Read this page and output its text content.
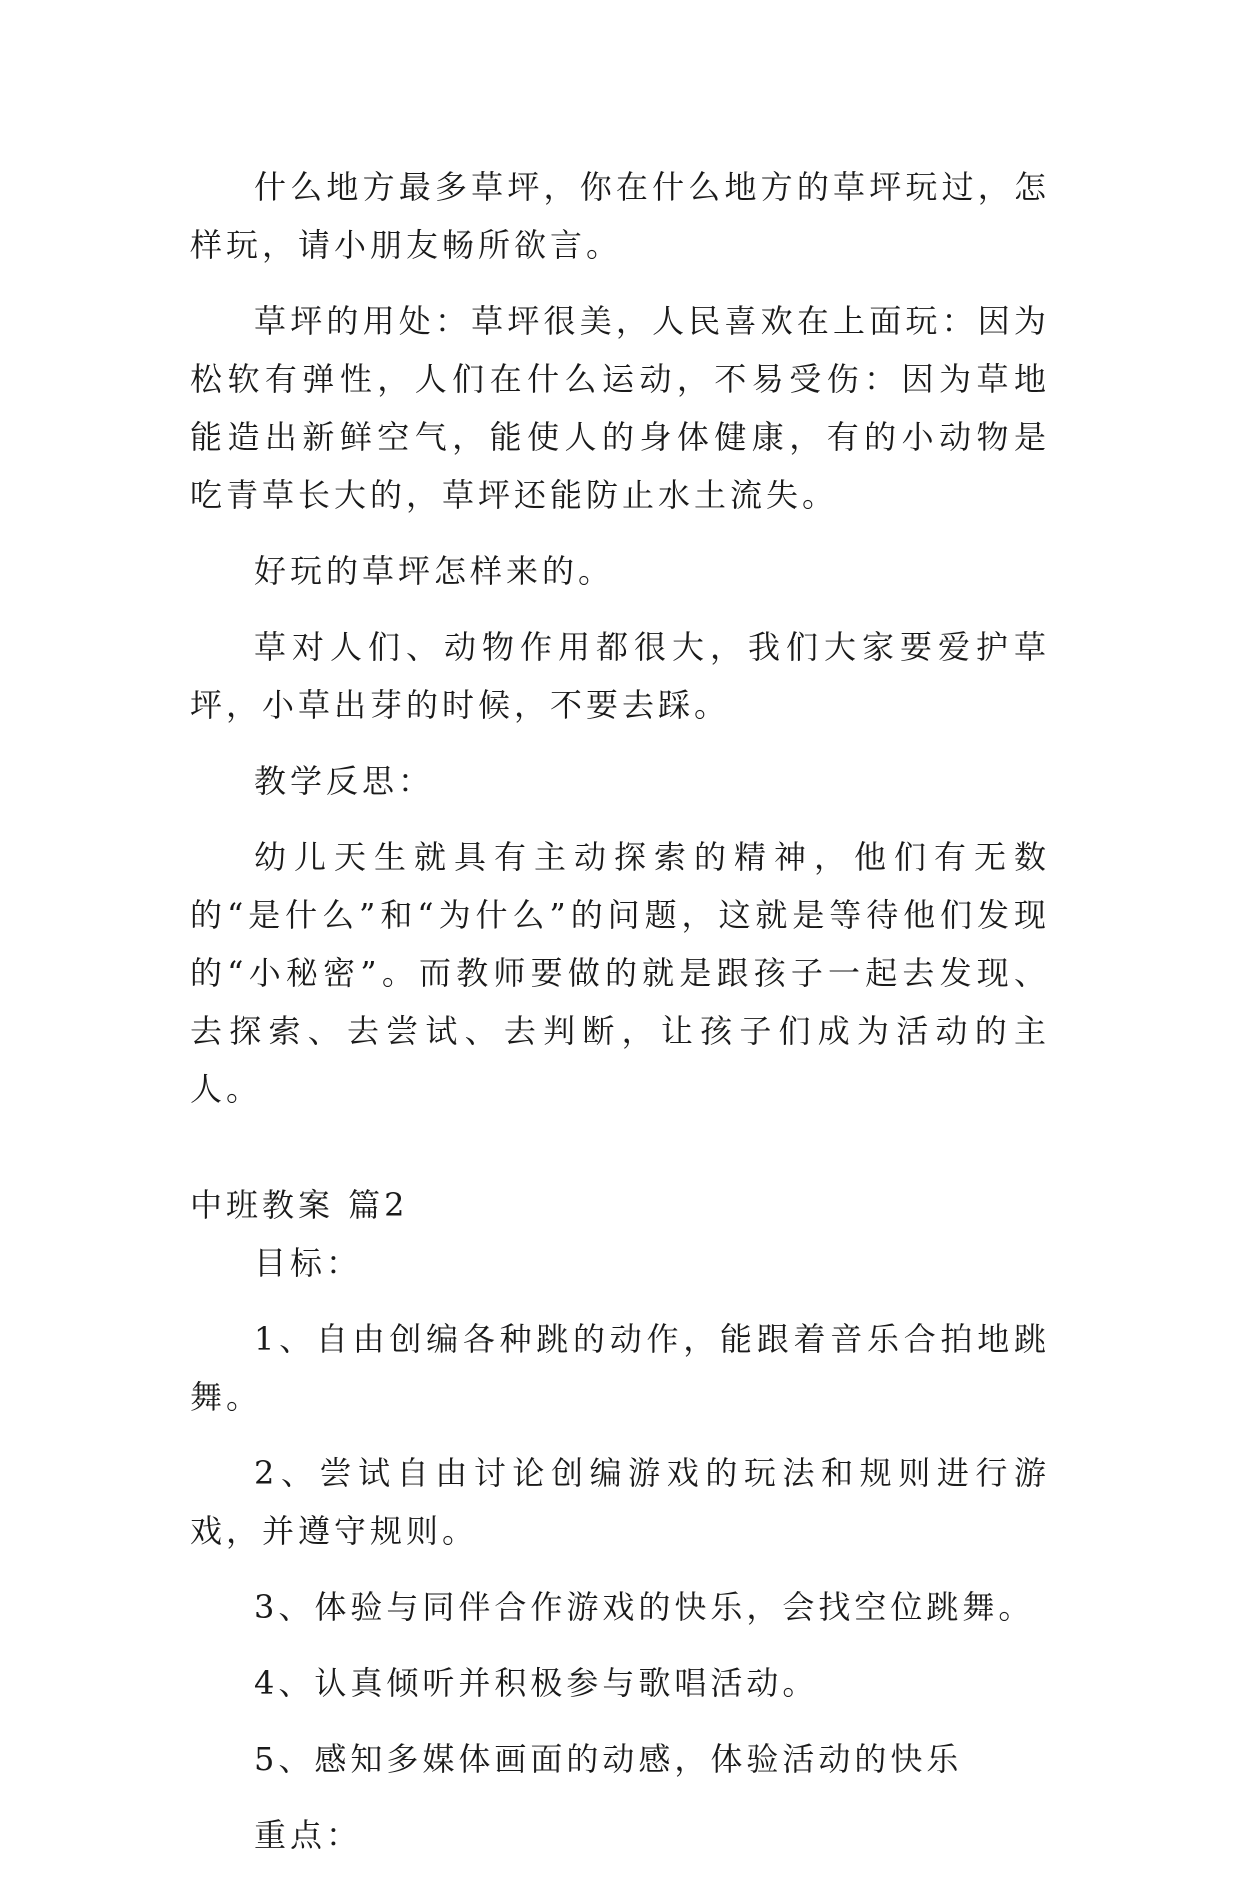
什么地方最多草坪，你在什么地方的草坪玩过，怎样玩，请小朋友畅所欲言。

草坪的用处：草坪很美，人民喜欢在上面玩：因为松软有弹性，人们在什么运动，不易受伤：因为草地能造出新鲜空气，能使人的身体健康，有的小动物是吃青草长大的，草坪还能防止水土流失。

好玩的草坪怎样来的。

草对人们、动物作用都很大，我们大家要爱护草坪，小草出芽的时候，不要去踩。

教学反思：

幼儿天生就具有主动探索的精神，他们有无数的“是什么”和“为什么”的问题，这就是等待他们发现的“小秘密”。而教师要做的就是跟孩子一起去发现、去探索、去尝试、去判断，让孩子们成为活动的主人。

中班教案 篇2

目标：

1、自由创编各种跳的动作，能跟着音乐合拍地跳舞。

2、尝试自由讨论创编游戏的玩法和规则进行游戏，并遵守规则。

3、体验与同伴合作游戏的快乐，会找空位跳舞。

4、认真倾听并积极参与歌唱活动。

5、感知多媒体画面的动感，体验活动的快乐

重点：
